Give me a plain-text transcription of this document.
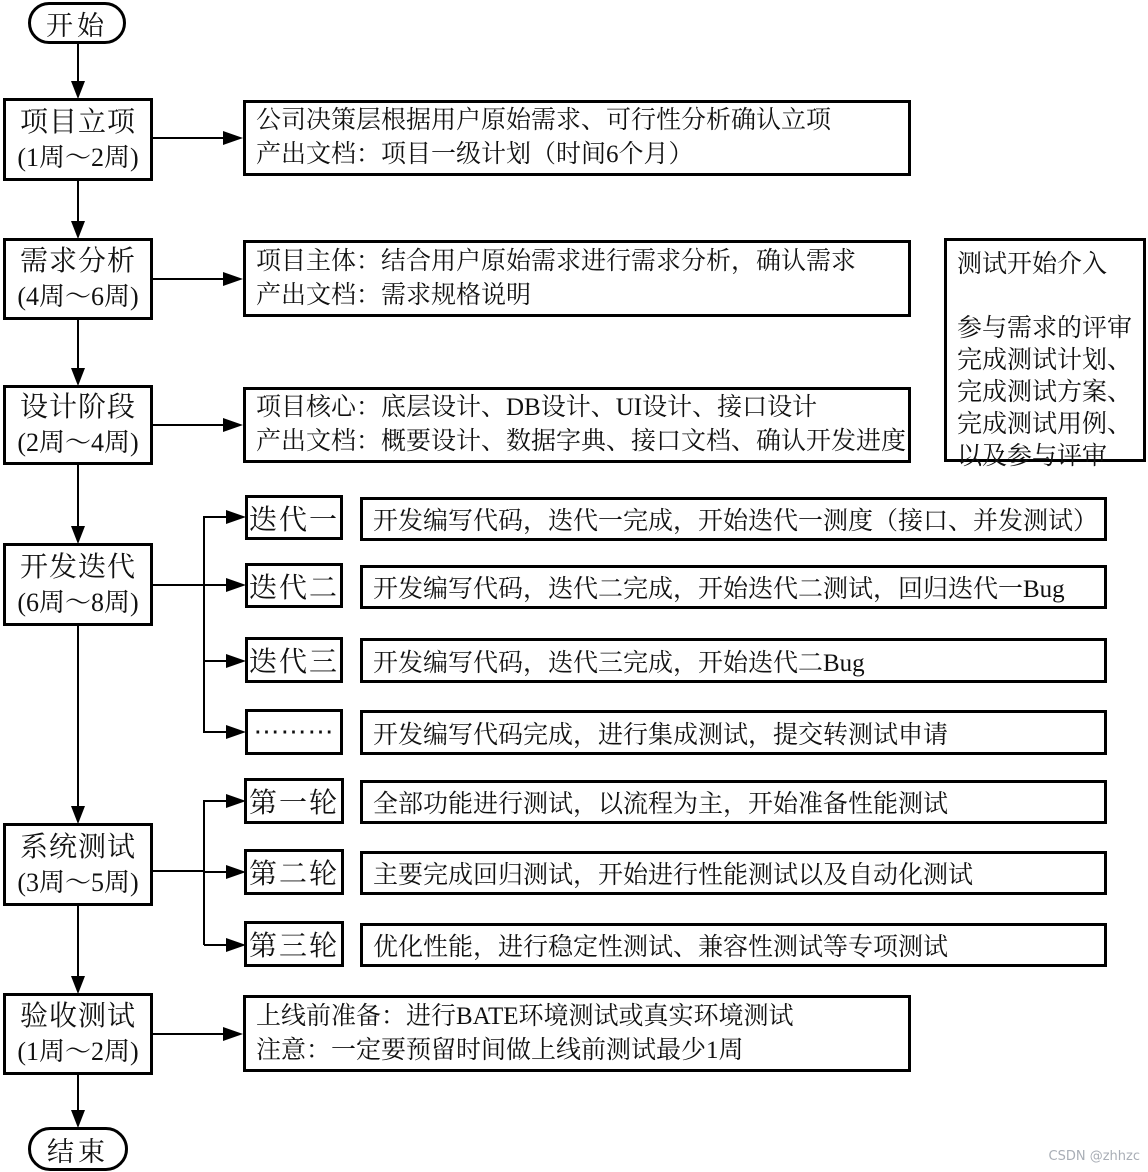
开始
项目立项
(1周～2周)
需求分析
(4周～6周)
设计阶段
(2周～4周)
开发迭代
(6周～8周)
系统测试
(3周～5周)
验收测试
(1周～2周)
结束
公司决策层根据用户原始需求、可行性分析确认立项
产出文档：项目一级计划（时间6个月）
项目主体：结合用户原始需求进行需求分析，确认需求
产出文档：需求规格说明
项目核心：底层设计、DB设计、UI设计、接口设计
产出文档：概要设计、数据字典、接口文档、确认开发进度
上线前准备：进行BATE环境测试或真实环境测试
注意：一定要预留时间做上线前测试最少1周
测试开始介入
参与需求的评审
完成测试计划、
完成测试方案、
完成测试用例、
以及参与评审
迭代一
迭代二
迭代三
⋯⋯⋯
开发编写代码，迭代一完成，开始迭代一测度（接口、并发测试）
开发编写代码，迭代二完成，开始迭代二测试，回归迭代一Bug
开发编写代码，迭代三完成，开始迭代二Bug
开发编写代码完成，进行集成测试，提交转测试申请
第一轮
第二轮
第三轮
全部功能进行测试，以流程为主，开始准备性能测试
主要完成回归测试，开始进行性能测试以及自动化测试
优化性能，进行稳定性测试、兼容性测试等专项测试
CSDN @zhhzc
